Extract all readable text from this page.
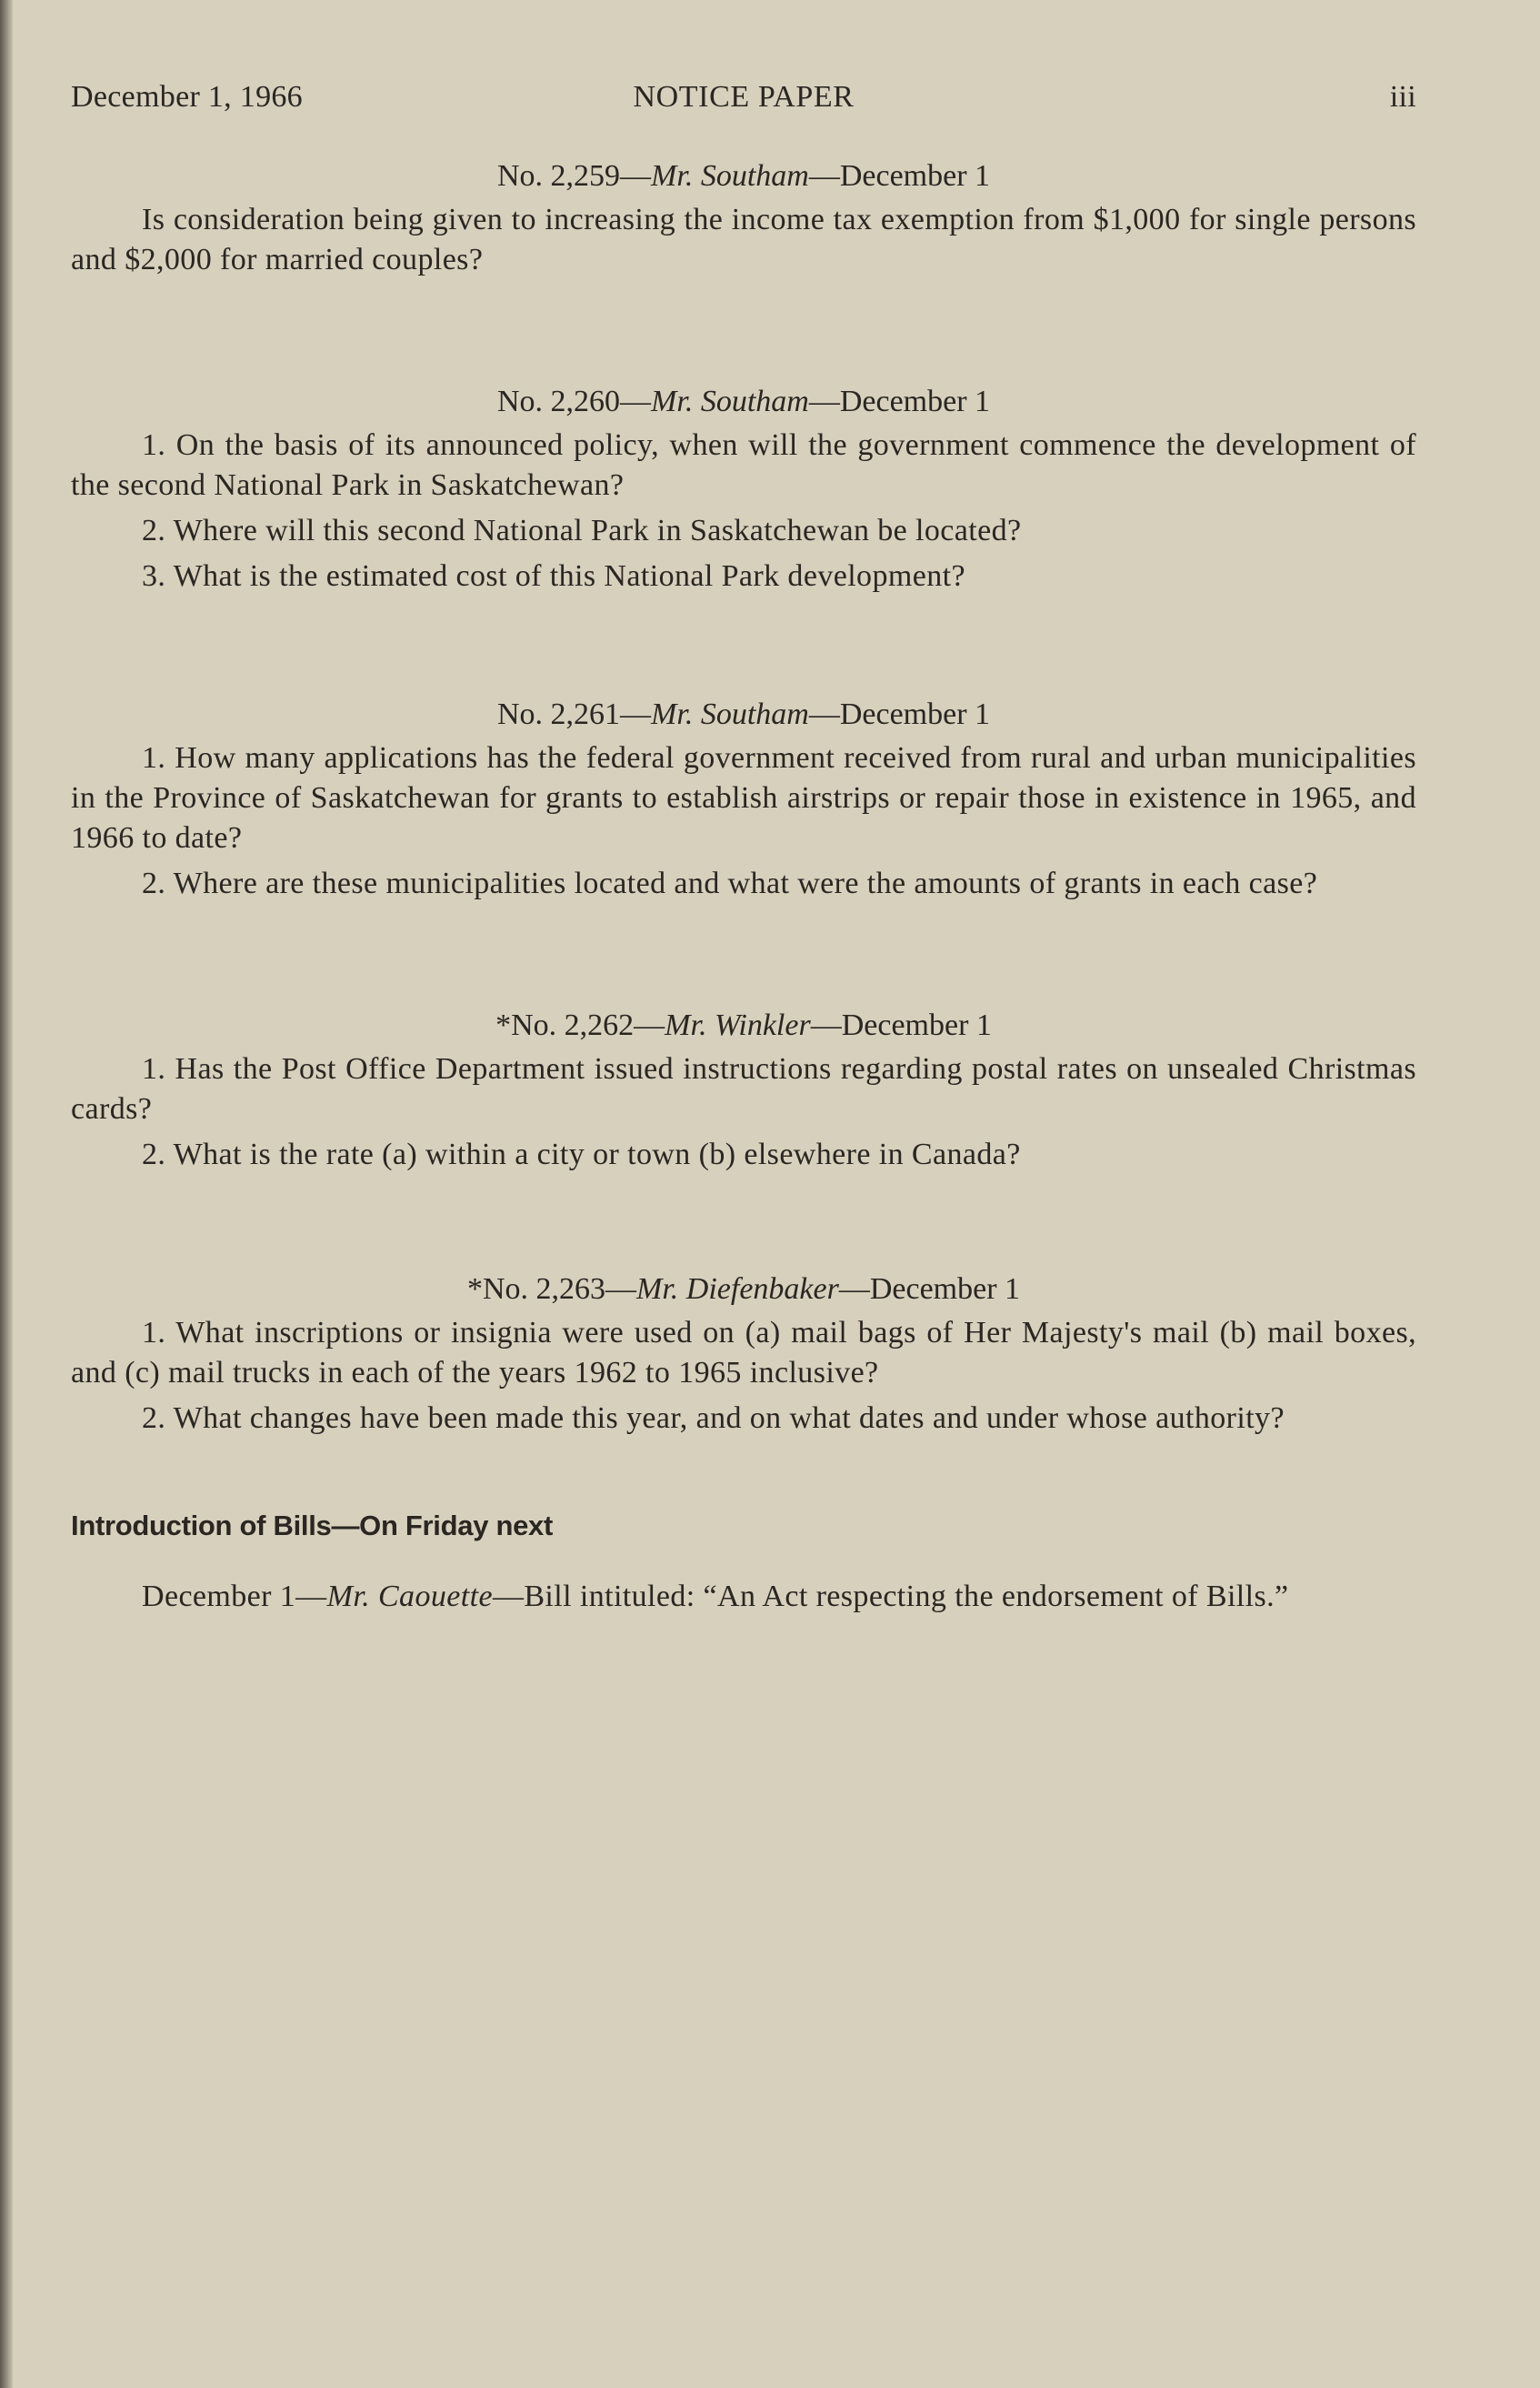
December 1, 1966	NOTICE PAPER	iii
No. 2,259—Mr. Southam—December 1

Is consideration being given to increasing the income tax exemption from $1,000 for single persons and $2,000 for married couples?

No. 2,260—Mr. Southam—December 1

1. On the basis of its announced policy, when will the government commence the development of the second National Park in Saskatchewan?

2. Where will this second National Park in Saskatchewan be located?

3. What is the estimated cost of this National Park development?

No. 2,261—Mr. Southam—December 1

1. How many applications has the federal government received from rural and urban municipalities in the Province of Saskatchewan for grants to establish airstrips or repair those in existence in 1965, and 1966 to date?

2. Where are these municipalities located and what were the amounts of grants in each case?

*No. 2,262—Mr. Winkler—December 1

1. Has the Post Office Department issued instructions regarding postal rates on unsealed Christmas cards?

2. What is the rate (a) within a city or town (b) elsewhere in Canada?

*No. 2,263—Mr. Diefenbaker—December 1

1. What inscriptions or insignia were used on (a) mail bags of Her Majesty's mail (b) mail boxes, and (c) mail trucks in each of the years 1962 to 1965 inclusive?

2. What changes have been made this year, and on what dates and under whose authority?

Introduction of Bills—On Friday next

December 1—Mr. Caouette—Bill intituled: “An Act respecting the endorsement of Bills.”
